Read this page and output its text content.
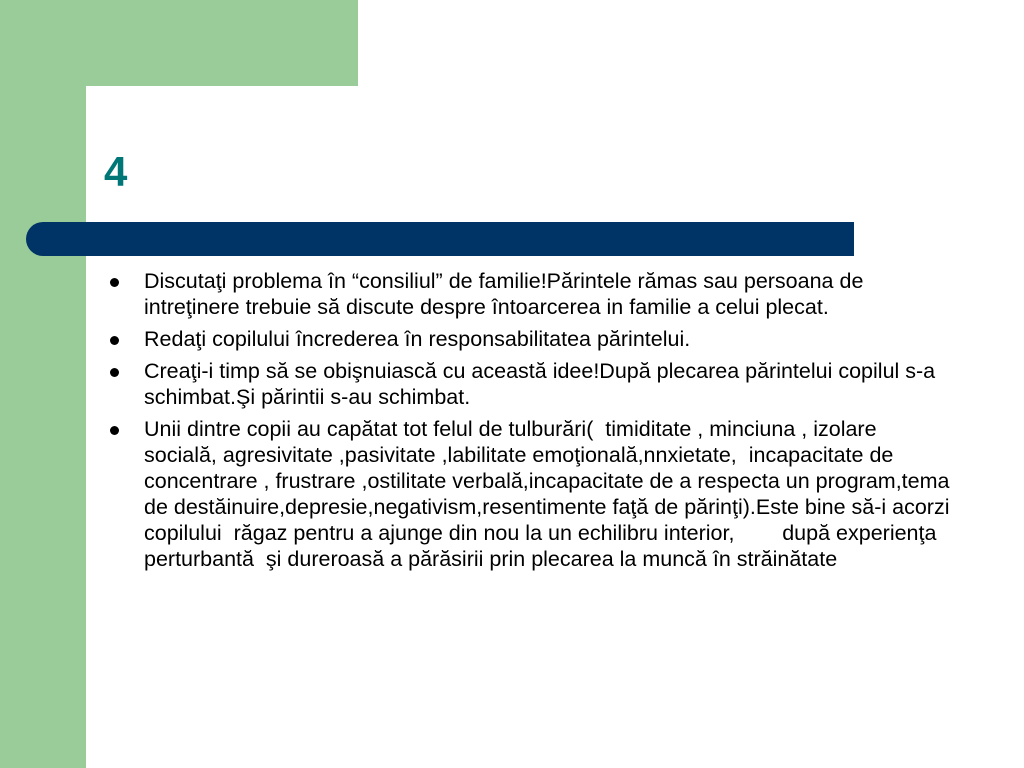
4
Discutaţi problema în “consiliul” de familie!Părintele rămas sau persoana de intreţinere trebuie să discute despre întoarcerea in familie a celui plecat.
Redaţi copilului încrederea în responsabilitatea părintelui.
Creaţi-i timp să se obişnuiască cu această idee!După plecarea părintelui copilul s-a schimbat.Şi părintii s-au schimbat.
Unii dintre copii au capătat tot felul de tulburări(  timiditate , minciuna , izolare socială, agresivitate ,pasivitate ,labilitate emoţională,nnxietate,  incapacitate de concentrare , frustrare ,ostilitate verbală,incapacitate de a respecta un program,tema de destăinuire,depresie,negativism,resentimente faţă de părinţi).Este bine să-i acorzi copilului  răgaz pentru a ajunge din nou la un echilibru interior,        după experienţa perturbantă  şi dureroasă a părăsirii prin plecarea la muncă în străinătate
